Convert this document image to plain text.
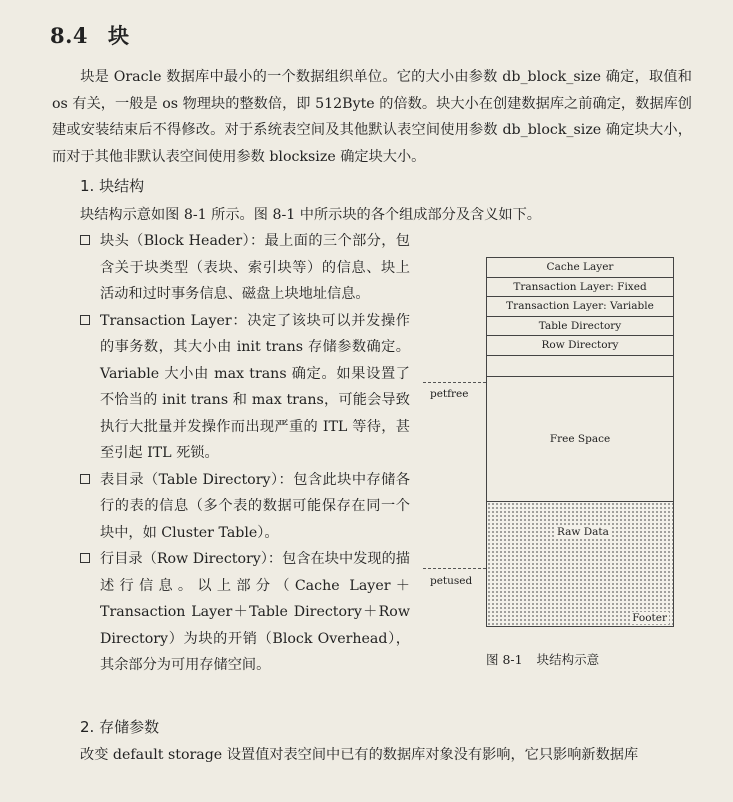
8.4 块
块是 Oracle 数据库中最小的一个数据组织单位。它的大小由参数 db_block_size 确定，取值和 os 有关，一般是 os 物理块的整数倍，即 512Byte 的倍数。块大小在创建数据库之前确定，数据库创建或安装结束后不得修改。对于系统表空间及其他默认表空间使用参数 db_block_size 确定块大小，而对于其他非默认表空间使用参数 blocksize 确定块大小。
1. 块结构
块结构示意如图 8-1 所示。图 8-1 中所示块的各个组成部分及含义如下。
块头（Block Header）：最上面的三个部分，包含关于块类型（表块、索引块等）的信息、块上活动和过时事务信息、磁盘上块地址信息。
Transaction Layer：决定了该块可以并发操作的事务数，其大小由 init trans 存储参数确定。Variable 大小由 max trans 确定。如果设置了不恰当的 init trans 和 max trans，可能会导致执行大批量并发操作而出现严重的 ITL 等待，甚至引起 ITL 死锁。
表目录（Table Directory）：包含此块中存储各行的表的信息（多个表的数据可能保存在同一个块中，如 Cluster Table）。
行目录（Row Directory）：包含在块中发现的描述行信息。以上部分（Cache Layer＋Transaction Layer＋Table Directory＋Row Directory）为块的开销（Block Overhead），其余部分为可用存储空间。
Cache Layer
Transaction Layer: Fixed
Transaction Layer: Variable
Table Directory
Row Directory
Free Space
Raw Data
Footer
petfree
petused
图 8-1 块结构示意
2. 存储参数
改变 default storage 设置值对表空间中已有的数据库对象没有影响，它只影响新数据库
